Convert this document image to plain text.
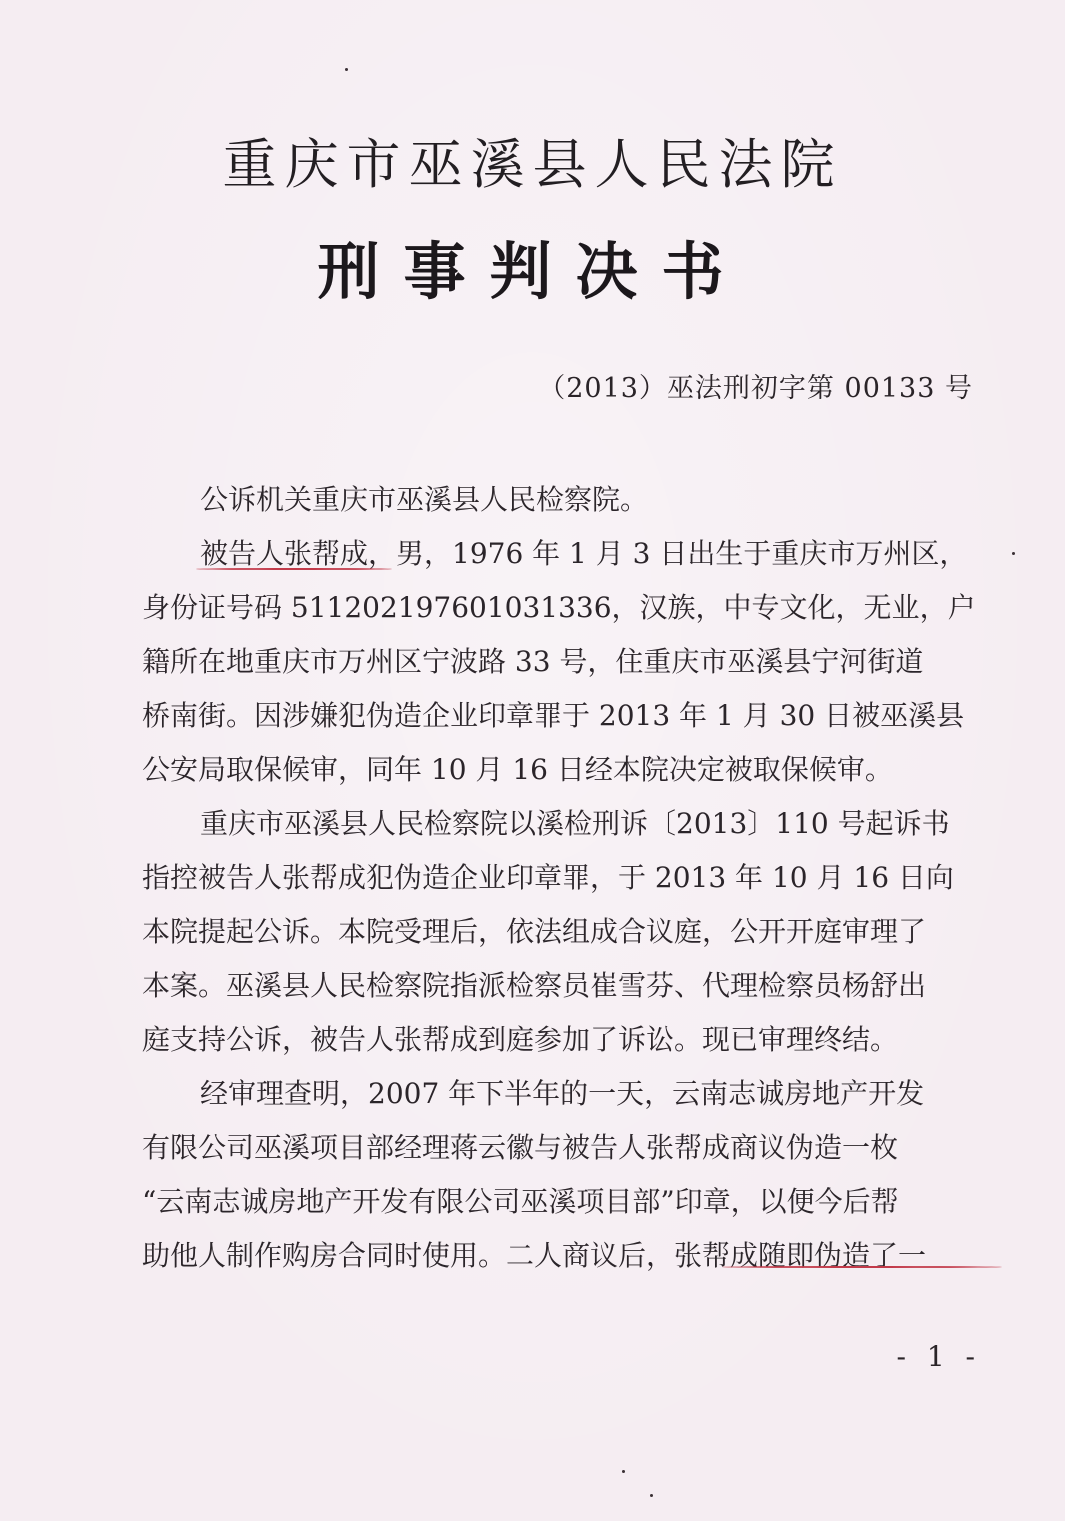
重庆市巫溪县人民法院
刑事判决书
（2013）巫法刑初字第 00133 号
公诉机关重庆市巫溪县人民检察院。
被告人张帮成，男，1976 年 1 月 3 日出生于重庆市万州区，
身份证号码 511202197601031336，汉族，中专文化，无业，户
籍所在地重庆市万州区宁波路 33 号，住重庆市巫溪县宁河街道
桥南街。因涉嫌犯伪造企业印章罪于 2013 年 1 月 30 日被巫溪县
公安局取保候审，同年 10 月 16 日经本院决定被取保候审。
重庆市巫溪县人民检察院以溪检刑诉〔2013〕110 号起诉书
指控被告人张帮成犯伪造企业印章罪，于 2013 年 10 月 16 日向
本院提起公诉。本院受理后，依法组成合议庭，公开开庭审理了
本案。巫溪县人民检察院指派检察员崔雪芬、代理检察员杨舒出
庭支持公诉，被告人张帮成到庭参加了诉讼。现已审理终结。
经审理查明，2007 年下半年的一天，云南志诚房地产开发
有限公司巫溪项目部经理蒋云徽与被告人张帮成商议伪造一枚
“云南志诚房地产开发有限公司巫溪项目部”印章，以便今后帮
助他人制作购房合同时使用。二人商议后，张帮成随即伪造了一
- 1 -
